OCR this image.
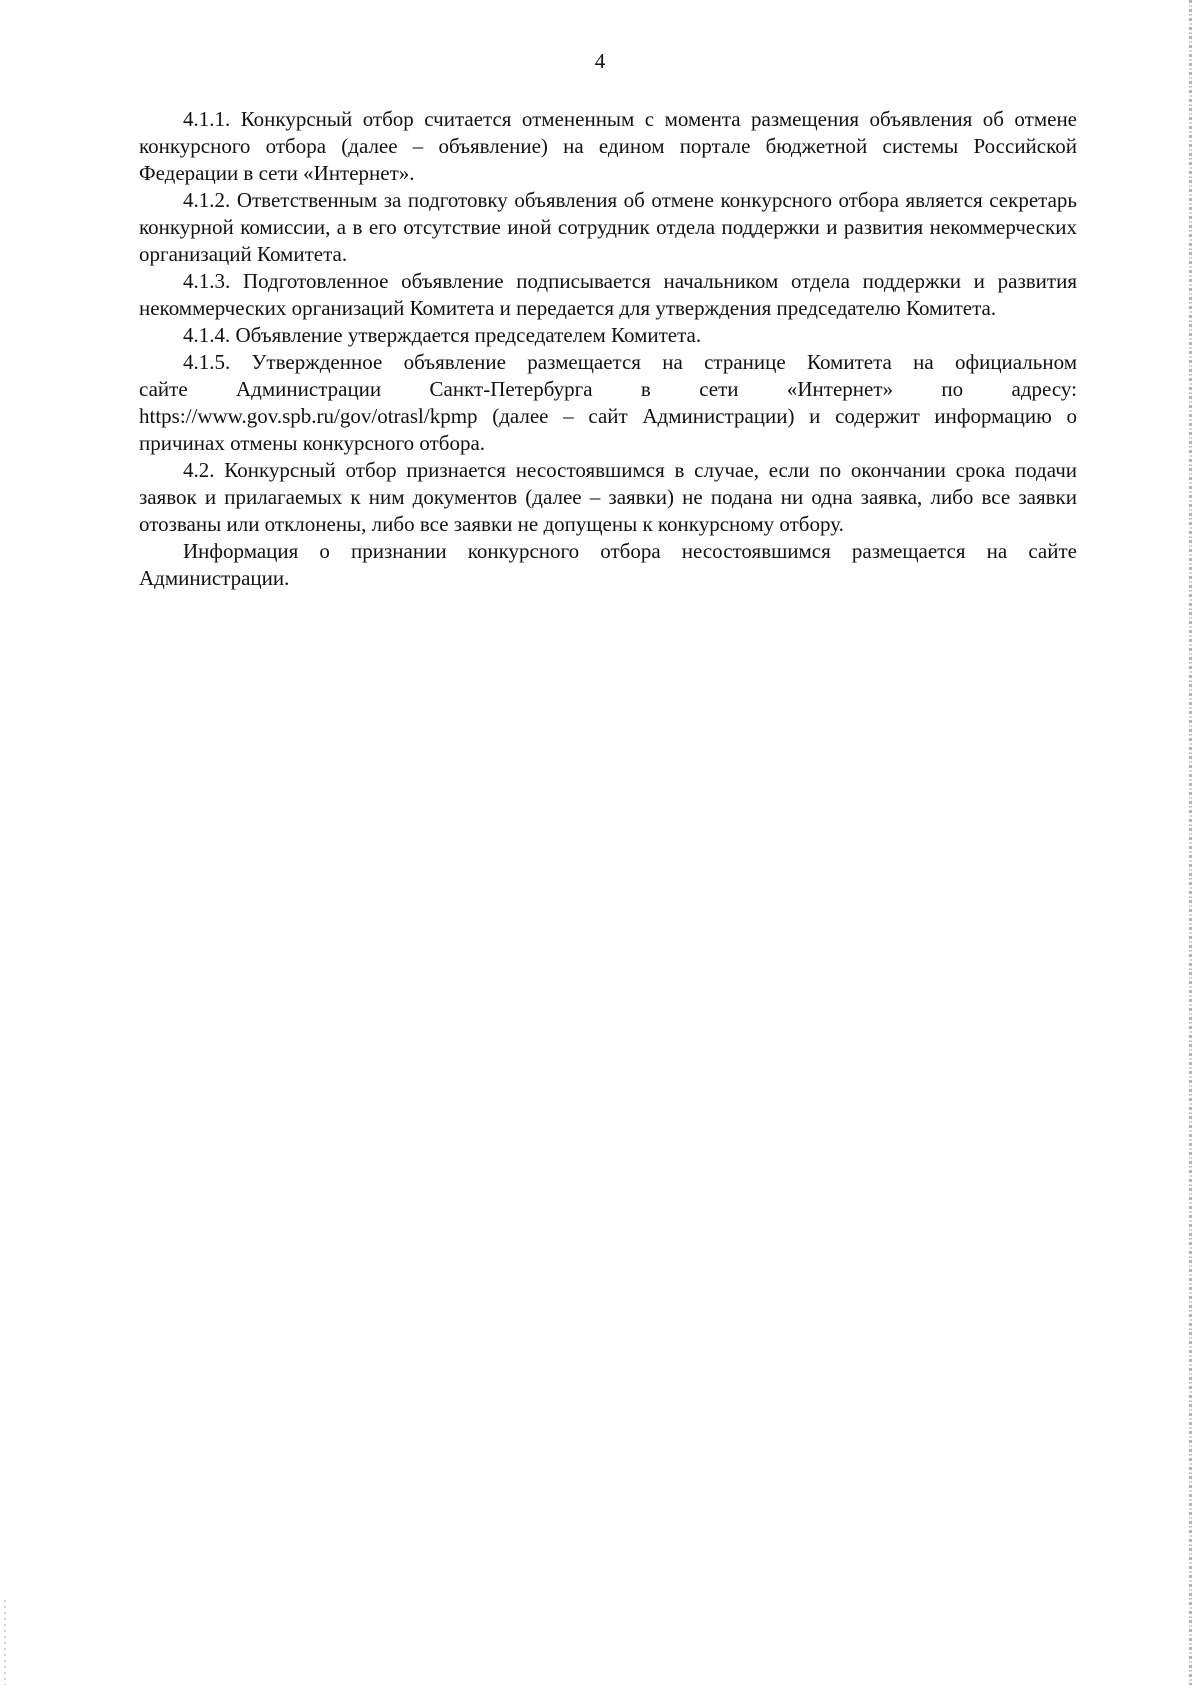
4

4.1.1. Конкурсный отбор считается отмененным с момента размещения объявления об отмене конкурсного отбора (далее – объявление) на едином портале бюджетной системы Российской Федерации в сети «Интернет».

4.1.2. Ответственным за подготовку объявления об отмене конкурсного отбора является секретарь конкурной комиссии, а в его отсутствие иной сотрудник отдела поддержки и развития некоммерческих организаций Комитета.

4.1.3. Подготовленное объявление подписывается начальником отдела поддержки и развития некоммерческих организаций Комитета и передается для утверждения председателю Комитета.

4.1.4. Объявление утверждается председателем Комитета.

4.1.5. Утвержденное объявление размещается на странице Комитета на официальном

сайте Администрации Санкт-Петербурга в сети «Интернет» по адресу:

https://www.gov.spb.ru/gov/otrasl/kpmp (далее – сайт Администрации) и содержит информацию о причинах отмены конкурсного отбора.

4.2. Конкурсный отбор признается несостоявшимся в случае, если по окончании срока подачи заявок и прилагаемых к ним документов (далее – заявки) не подана ни одна заявка, либо все заявки отозваны или отклонены, либо все заявки не допущены к конкурсному отбору.

Информация о признании конкурсного отбора несостоявшимся размещается на сайте Администрации.
